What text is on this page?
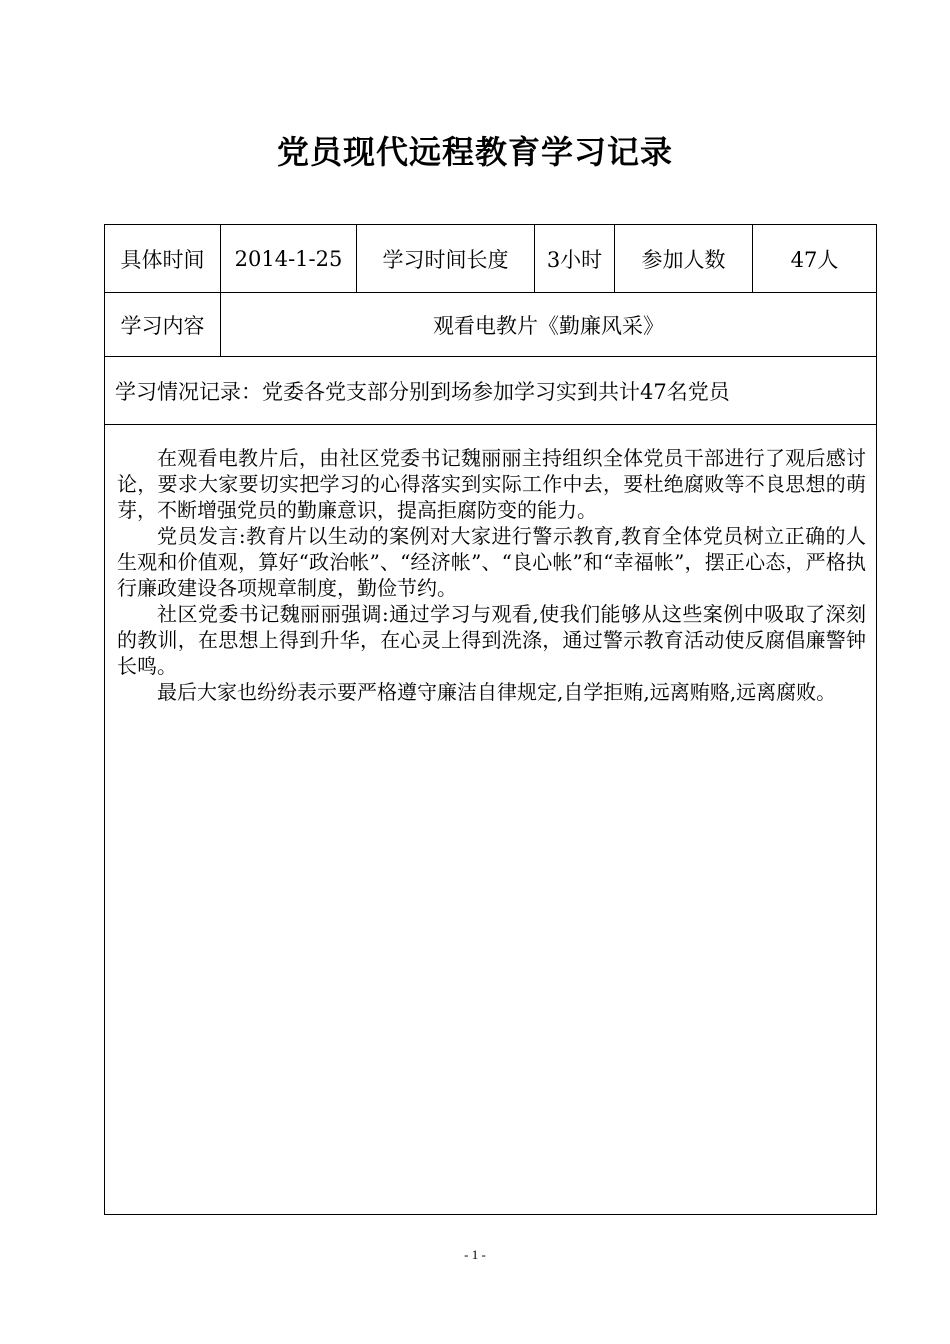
党员现代远程教育学习记录
具体时间	2014-1-25	学习时间长度	3小时	参加人数	47人
学习内容	观看电教片《勤廉风采》				
学习情况记录：党委各党支部分别到场参加学习实到共计47名党员					

在观看电教片后，由社区党委书记魏丽丽主持组织全体党员干部进行了观后感讨论，要求大家要切实把学习的心得落实到实际工作中去，要杜绝腐败等不良思想的萌芽，不断增强党员的勤廉意识，提高拒腐防变的能力。

党员发言:教育片以生动的案例对大家进行警示教育,教育全体党员树立正确的人生观和价值观，算好“政治帐”、“经济帐”、“良心帐”和“幸福帐”，摆正心态，严格执行廉政建设各项规章制度，勤俭节约。

社区党委书记魏丽丽强调:通过学习与观看,使我们能够从这些案例中吸取了深刻的教训，在思想上得到升华，在心灵上得到洗涤，通过警示教育活动使反腐倡廉警钟长鸣。

最后大家也纷纷表示要严格遵守廉洁自律规定,自学拒贿,远离贿赂,远离腐败。					

- 1 -
